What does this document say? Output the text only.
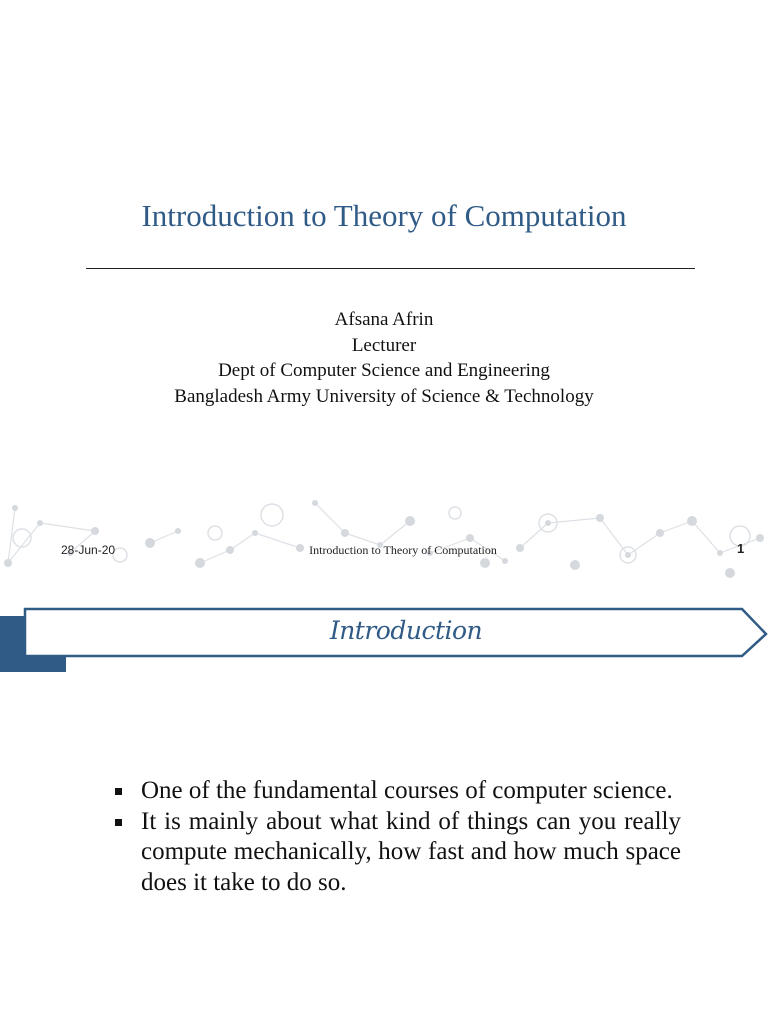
Introduction to Theory of Computation
Afsana Afrin
Lecturer
Dept of Computer Science and Engineering
Bangladesh Army University of Science & Technology
28-Jun-20	Introduction to Theory of Computation	1
Introduction
One of the fundamental courses of computer science.
It is mainly about what kind of things can you really compute mechanically, how fast and how much space does it take to do so.
